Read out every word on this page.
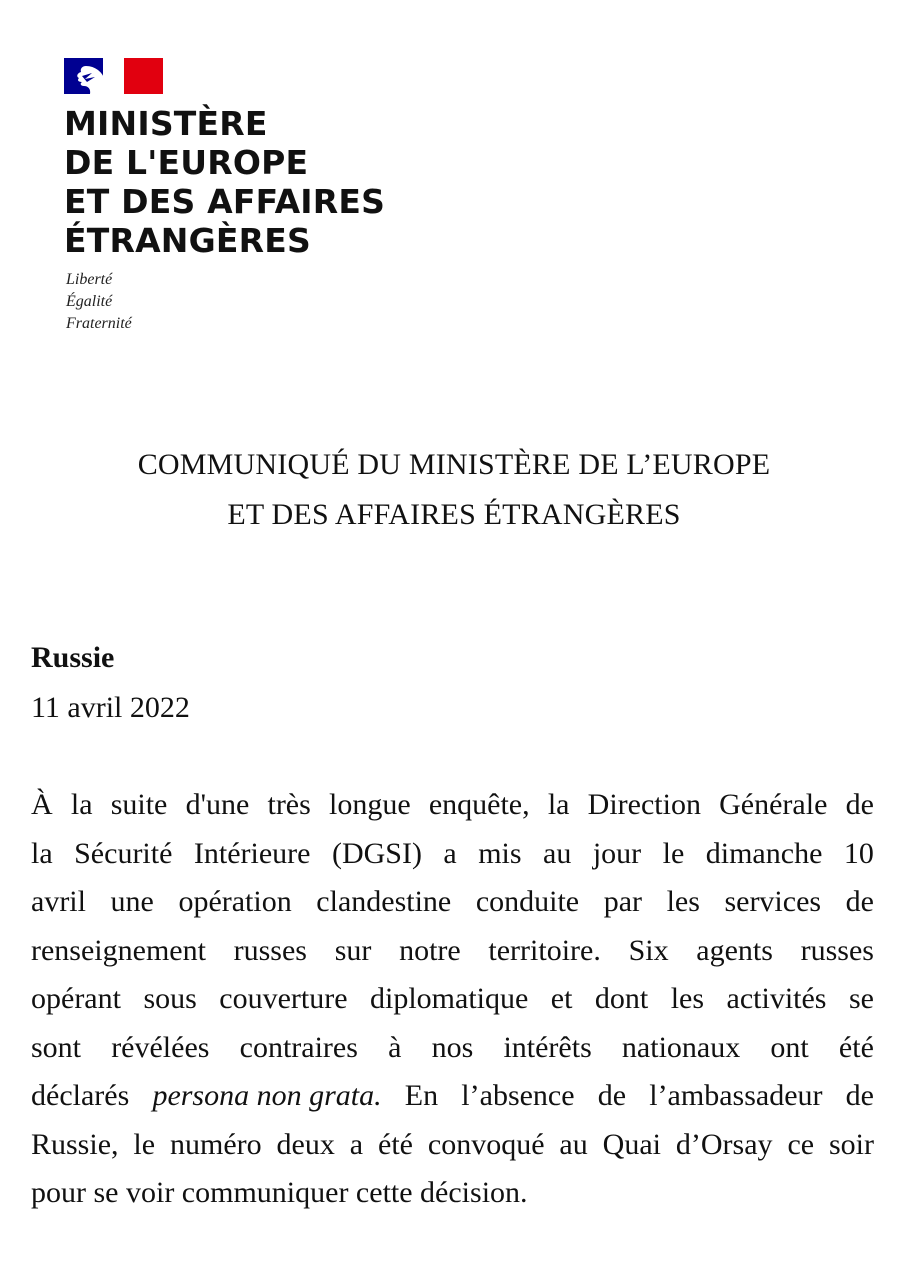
MINISTÈRE
DE L'EUROPE
ET DES AFFAIRES
ÉTRANGÈRES
Liberté
Égalité
Fraternité
COMMUNIQUÉ DU MINISTÈRE DE L’EUROPE
ET DES AFFAIRES ÉTRANGÈRES
Russie
11 avril 2022
À la suite d'une très longue enquête, la Direction Générale de
la Sécurité Intérieure (DGSI) a mis au jour le dimanche 10
avril une opération clandestine conduite par les services de
renseignement russes sur notre territoire. Six agents russes
opérant sous couverture diplomatique et dont les activités se
sont révélées contraires à nos intérêts nationaux ont été
déclarés persona non grata. En l’absence de l’ambassadeur de
Russie, le numéro deux a été convoqué au Quai d’Orsay ce soir
pour se voir communiquer cette décision.
